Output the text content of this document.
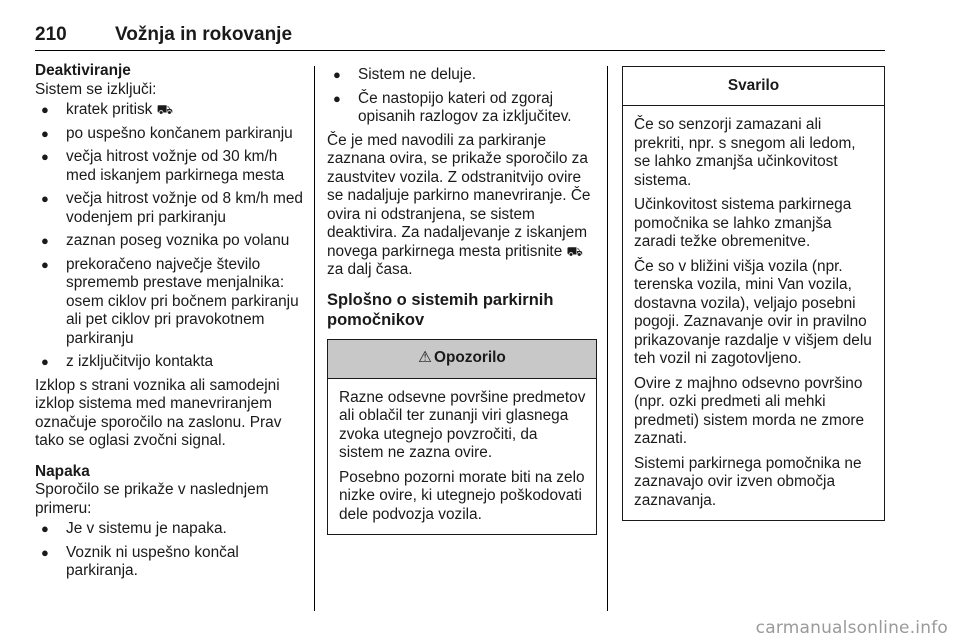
210	Vožnja in rokovanje
Deaktiviranje

Sistem se izključi:

● kratek pritisk ⛟
● po uspešno končanem parkiranju
● večja hitrost vožnje od 30 km/h med iskanjem parkirnega mesta
● večja hitrost vožnje od 8 km/h med vodenjem pri parkiranju
● zaznan poseg voznika po volanu
● prekoračeno največje število sprememb prestave menjalnika: osem ciklov pri bočnem parkiranju ali pet ciklov pri pravokotnem parkiranju
● z izključitvijo kontakta

Izklop s strani voznika ali samodejni izklop sistema med manevriranjem označuje sporočilo na zaslonu. Prav tako se oglasi zvočni signal.

Napaka

Sporočilo se prikaže v naslednjem primeru:

● Je v sistemu je napaka.
● Voznik ni uspešno končal parkiranja.
● Sistem ne deluje.
● Če nastopijo kateri od zgoraj opisanih razlogov za izključitev.

Če je med navodili za parkiranje zaznana ovira, se prikaže sporočilo za zaustvitev vozila. Z odstranitvijo ovire se nadaljuje parkirno manevriranje. Če ovira ni odstranjena, se sistem deaktivira. Za nadaljevanje z iskanjem novega parkirnega mesta pritisnite ⛟ za dalj časa.

Splošno o sistemih parkirnih pomočnikov
⚠ Opozorilo

Razne odsevne površine predmetov ali oblačil ter zunanji viri glasnega zvoka utegnejo povzročiti, da sistem ne zazna ovire.

Posebno pozorni morate biti na zelo nizke ovire, ki utegnejo poškodovati dele podvozja vozila.

Svarilo

Če so senzorji zamazani ali prekriti, npr. s snegom ali ledom, se lahko zmanjša učinkovitost sistema.

Učinkovitost sistema parkirnega pomočnika se lahko zmanjša zaradi težke obremenitve.

Če so v bližini višja vozila (npr. terenska vozila, mini Van vozila, dostavna vozila), veljajo posebni pogoji. Zaznavanje ovir in pravilno prikazovanje razdalje v višjem delu teh vozil ni zagotovljeno.

Ovire z majhno odsevno površino (npr. ozki predmeti ali mehki predmeti) sistem morda ne zmore zaznati.

Sistemi parkirnega pomočnika ne zaznavajo ovir izven območja zaznavanja.

carmanualsonline.info
